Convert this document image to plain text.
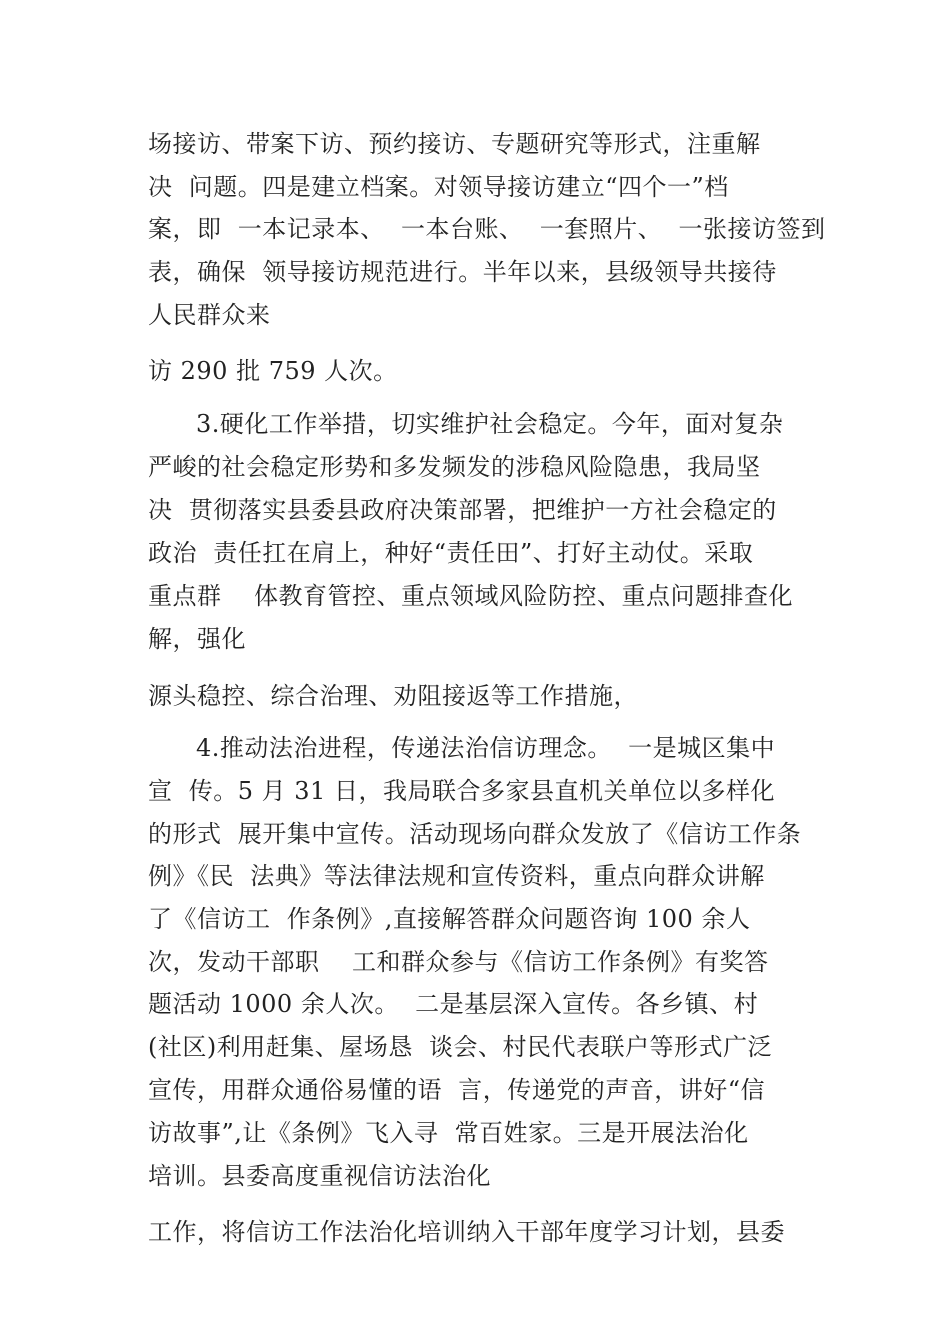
场接访、带案下访、预约接访、专题研究等形式，注重解
决  问题。四是建立档案。对领导接访建立“四个一”档
案，即  一本记录本、  一本台账、  一套照片、  一张接访签到
表，确保  领导接访规范进行。半年以来，县级领导共接待
人民群众来
访 290 批 759 人次。
3.硬化工作举措，切实维护社会稳定。今年，面对复杂
严峻的社会稳定形势和多发频发的涉稳风险隐患，我局坚
决  贯彻落实县委县政府决策部署，把维护一方社会稳定的
政治  责任扛在肩上，种好“责任田”、打好主动仗。采取
重点群    体教育管控、重点领域风险防控、重点问题排查化
解，强化
源头稳控、综合治理、劝阻接返等工作措施，
4.推动法治进程，传递法治信访理念。  一是城区集中
宣  传。5 月 31 日，我局联合多家县直机关单位以多样化
的形式  展开集中宣传。活动现场向群众发放了《信访工作条
例》《民  法典》等法律法规和宣传资料，重点向群众讲解
了《信访工  作条例》,直接解答群众问题咨询 100 余人
次，发动干部职    工和群众参与《信访工作条例》有奖答
题活动 1000 余人次。  二是基层深入宣传。各乡镇、村
(社区)利用赶集、屋场恳  谈会、村民代表联户等形式广泛
宣传，用群众通俗易懂的语  言，传递党的声音，讲好“信
访故事”,让《条例》飞入寻  常百姓家。三是开展法治化
培训。县委高度重视信访法治化
工作，将信访工作法治化培训纳入干部年度学习计划，县委
